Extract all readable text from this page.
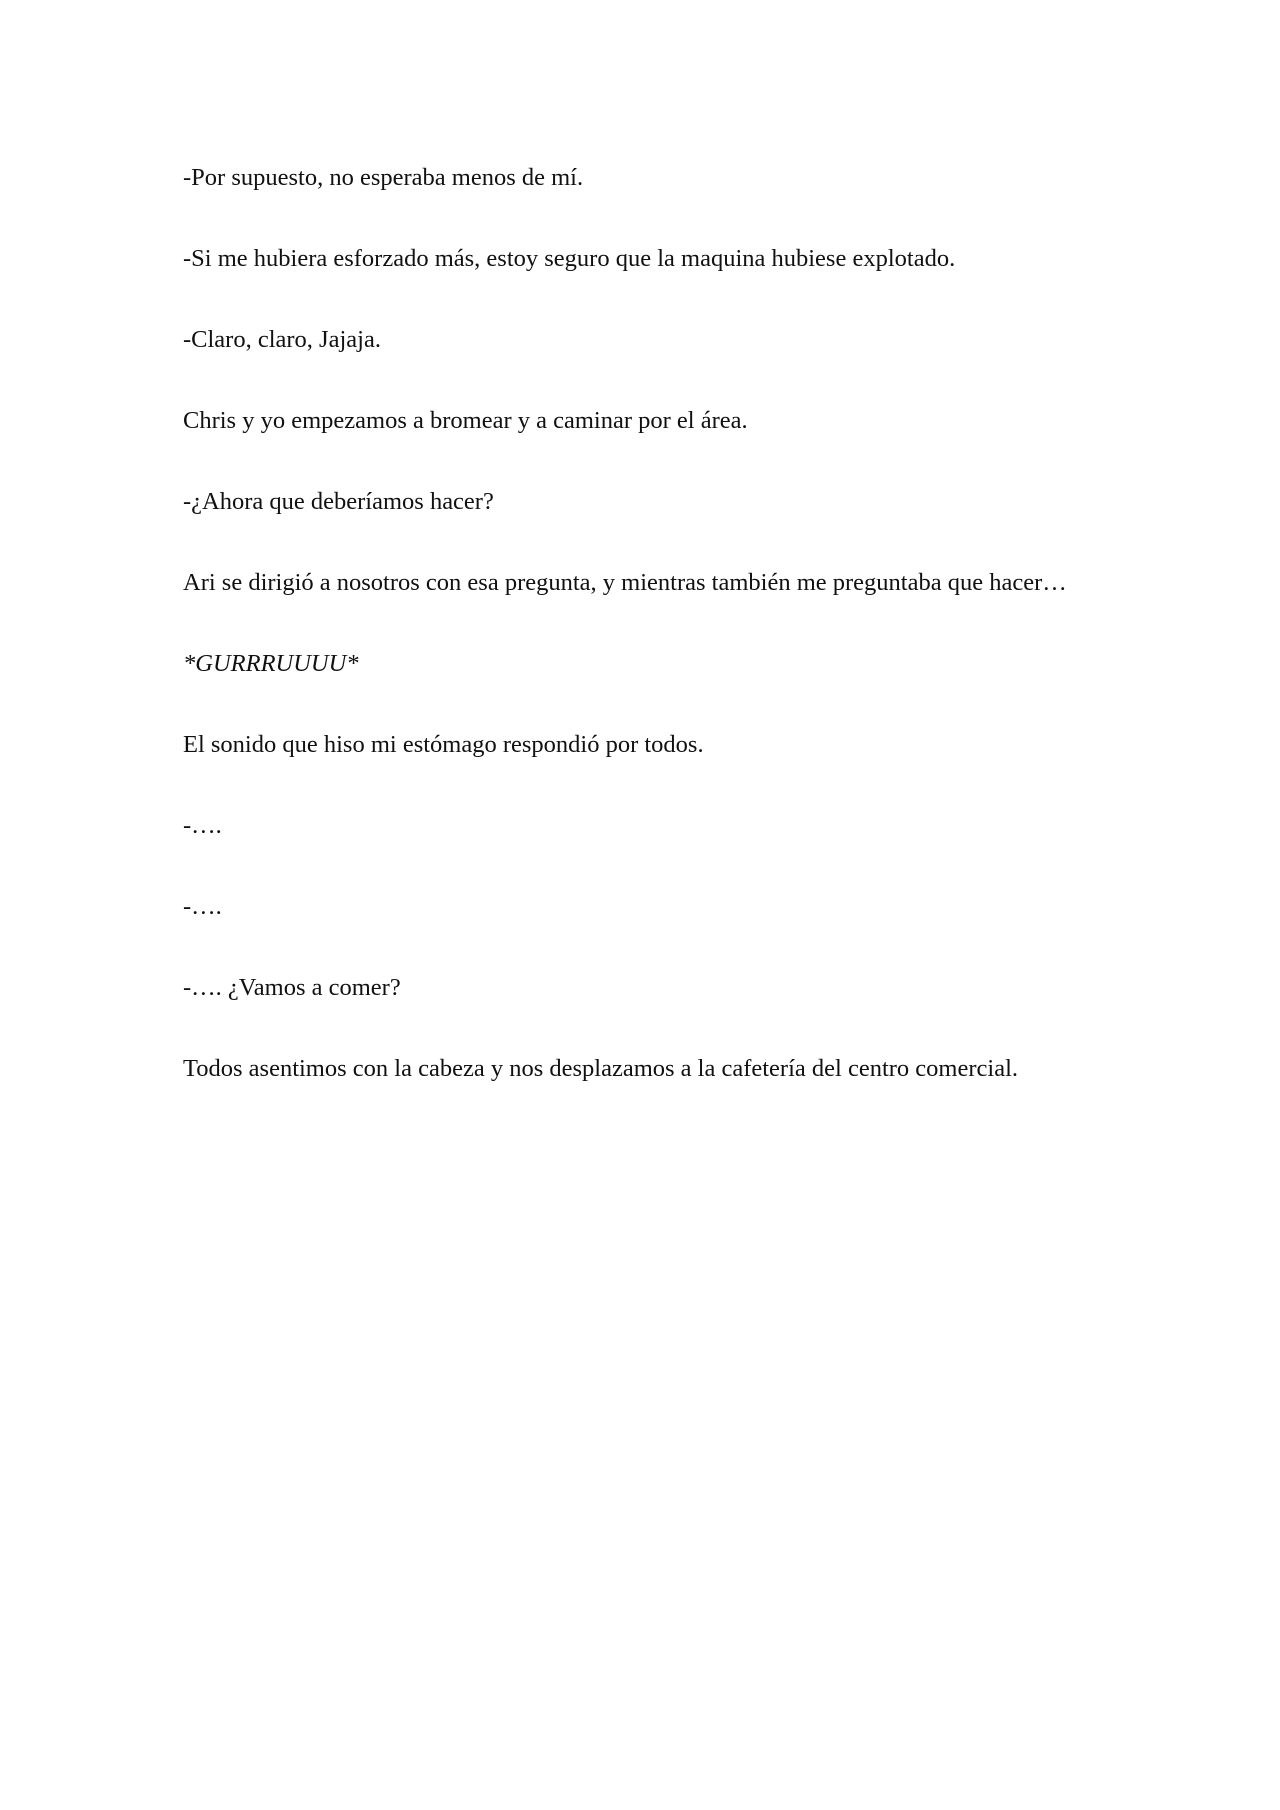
-Por supuesto, no esperaba menos de mí.

-Si me hubiera esforzado más, estoy seguro que la maquina hubiese explotado.

-Claro, claro, Jajaja.

Chris y yo empezamos a bromear y a caminar por el área.

-¿Ahora que deberíamos hacer?

Ari se dirigió a nosotros con esa pregunta, y mientras también me preguntaba que hacer…

*GURRRUUUU*

El sonido que hiso mi estómago respondió por todos.

-….

-….

-…. ¿Vamos a comer?

Todos asentimos con la cabeza y nos desplazamos a la cafetería del centro comercial.
